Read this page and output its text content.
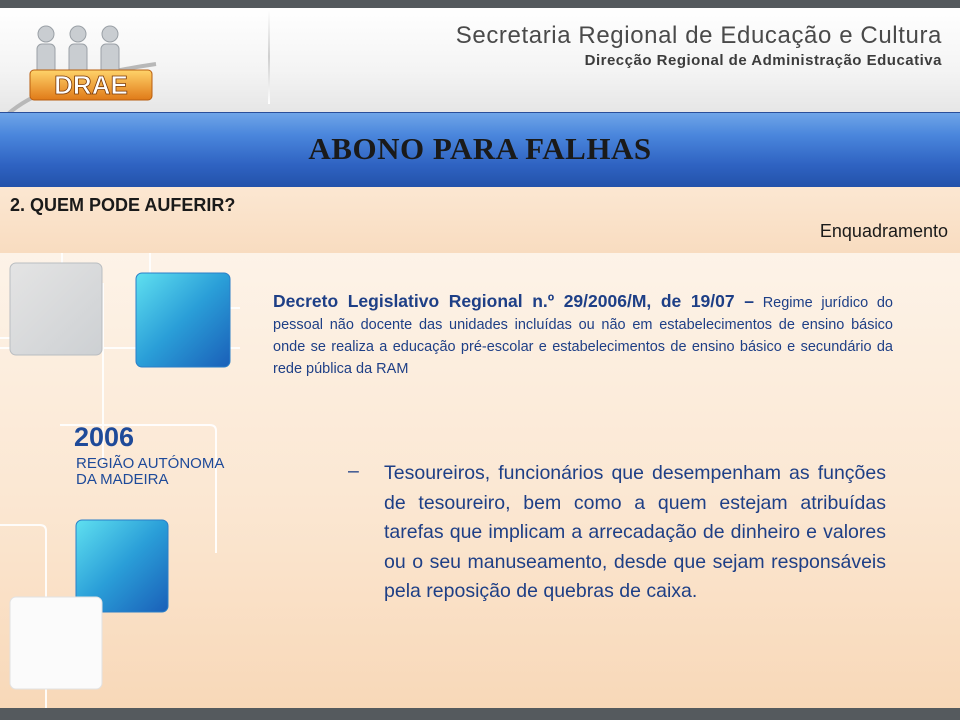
DRAE
Secretaria Regional de Educação e Cultura
Direcção Regional de Administração Educativa
ABONO PARA FALHAS
2. QUEM PODE AUFERIR?
Enquadramento
2006
REGIÃO AUTÓNOMA DA MADEIRA
Decreto Legislativo Regional n.º 29/2006/M, de 19/07 – Regime jurídico do pessoal não docente das unidades incluídas ou não em estabelecimentos de ensino básico onde se realiza a educação pré-escolar e estabelecimentos de ensino básico e secundário da rede pública da RAM
– Tesoureiros, funcionários que desempenham as funções de tesoureiro, bem como a quem estejam atribuídas tarefas que implicam a arrecadação de dinheiro e valores ou o seu manuseamento, desde que sejam responsáveis pela reposição de quebras de caixa.
